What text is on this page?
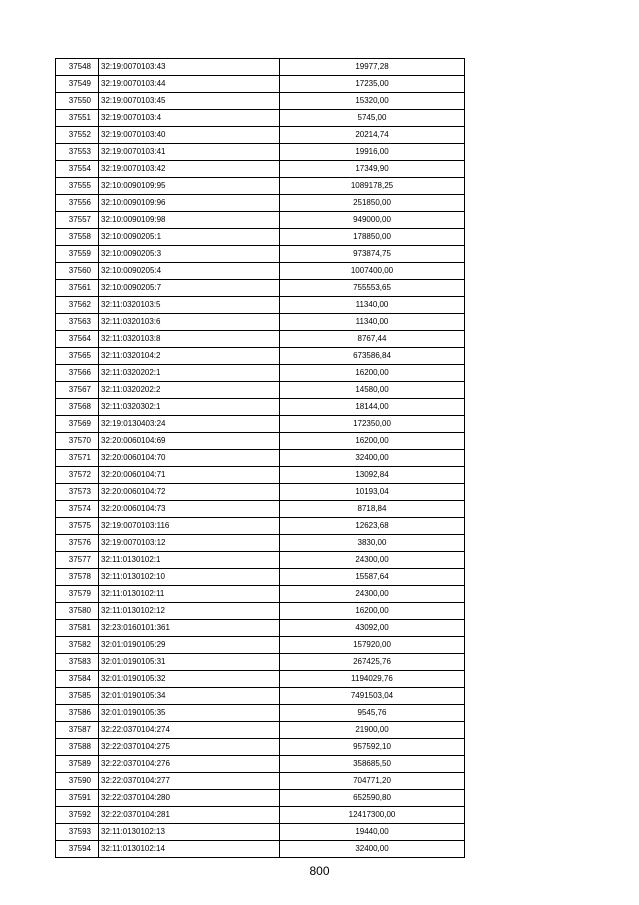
37548	32:19:0070103:43	19977,28
37549	32:19:0070103:44	17235,00
37550	32:19:0070103:45	15320,00
37551	32:19:0070103:4	5745,00
37552	32:19:0070103:40	20214,74
37553	32:19:0070103:41	19916,00
37554	32:19:0070103:42	17349,90
37555	32:10:0090109:95	1089178,25
37556	32:10:0090109:96	251850,00
37557	32:10:0090109:98	949000,00
37558	32:10:0090205:1	178850,00
37559	32:10:0090205:3	973874,75
37560	32:10:0090205:4	1007400,00
37561	32:10:0090205:7	755553,65
37562	32:11:0320103:5	11340,00
37563	32:11:0320103:6	11340,00
37564	32:11:0320103:8	8767,44
37565	32:11:0320104:2	673586,84
37566	32:11:0320202:1	16200,00
37567	32:11:0320202:2	14580,00
37568	32:11:0320302:1	18144,00
37569	32:19:0130403:24	172350,00
37570	32:20:0060104:69	16200,00
37571	32:20:0060104:70	32400,00
37572	32:20:0060104:71	13092,84
37573	32:20:0060104:72	10193,04
37574	32:20:0060104:73	8718,84
37575	32:19:0070103:116	12623,68
37576	32:19:0070103:12	3830,00
37577	32:11:0130102:1	24300,00
37578	32:11:0130102:10	15587,64
37579	32:11:0130102:11	24300,00
37580	32:11:0130102:12	16200,00
37581	32:23:0160101:361	43092,00
37582	32:01:0190105:29	157920,00
37583	32:01:0190105:31	267425,76
37584	32:01:0190105:32	1194029,76
37585	32:01:0190105:34	7491503,04
37586	32:01:0190105:35	9545,76
37587	32:22:0370104:274	21900,00
37588	32:22:0370104:275	957592,10
37589	32:22:0370104:276	358685,50
37590	32:22:0370104:277	704771,20
37591	32:22:0370104:280	652590,80
37592	32:22:0370104:281	12417300,00
37593	32:11:0130102:13	19440,00
37594	32:11:0130102:14	32400,00
800
